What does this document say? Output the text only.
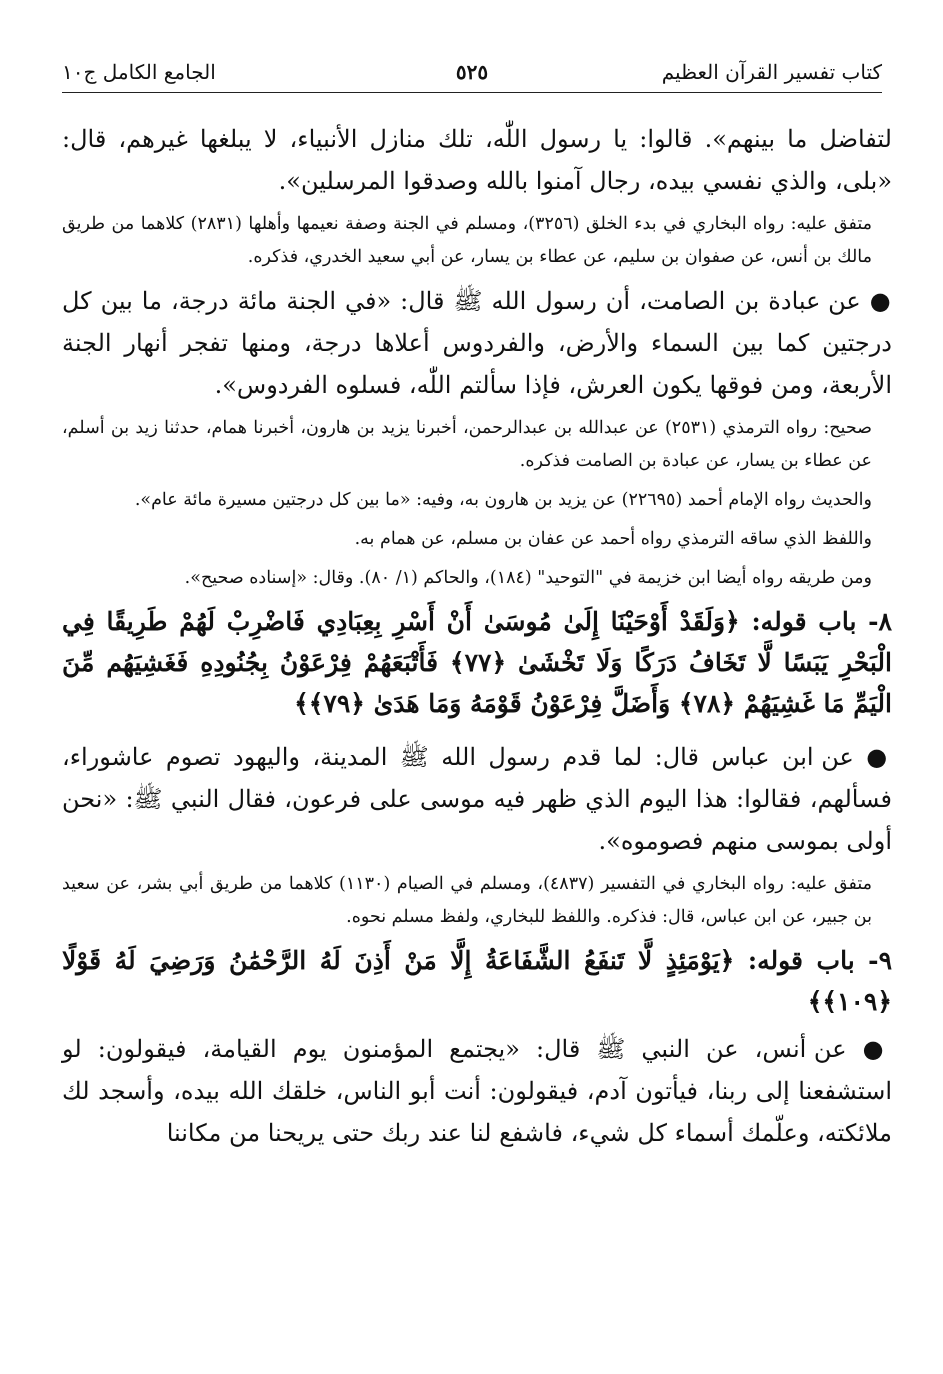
كتاب تفسير القرآن العظيم
٥٢٥
الجامع الكامل ج١٠

لتفاضل ما بينهم». قالوا: يا رسول اللّٰه، تلك منازل الأنبياء، لا يبلغها غيرهم، قال: «بلى، والذي نفسي بيده، رجال آمنوا بالله وصدقوا المرسلين».

متفق عليه: رواه البخاري في بدء الخلق (٣٢٥٦)، ومسلم في الجنة وصفة نعيمها وأهلها (٢٨٣١) كلاهما من طريق مالك بن أنس، عن صفوان بن سليم، عن عطاء بن يسار، عن أبي سعيد الخدري، فذكره.

● عن عبادة بن الصامت، أن رسول الله ﷺ قال: «في الجنة مائة درجة، ما بين كل درجتين كما بين السماء والأرض، والفردوس أعلاها درجة، ومنها تفجر أنهار الجنة الأربعة، ومن فوقها يكون العرش، فإذا سألتم اللّٰه، فسلوه الفردوس».

صحيح: رواه الترمذي (٢٥٣١) عن عبدالله بن عبدالرحمن، أخبرنا يزيد بن هارون، أخبرنا همام، حدثنا زيد بن أسلم، عن عطاء بن يسار، عن عبادة بن الصامت فذكره.

والحديث رواه الإمام أحمد (٢٢٦٩٥) عن يزيد بن هارون به، وفيه: «ما بين كل درجتين مسيرة مائة عام».

واللفظ الذي ساقه الترمذي رواه أحمد عن عفان بن مسلم، عن همام به.

ومن طريقه رواه أيضا ابن خزيمة في "التوحيد" (١٨٤)، والحاكم (١/ ٨٠). وقال: «إسناده صحيح».

٨- باب قوله: ﴿وَلَقَدْ أَوْحَيْنَا إِلَىٰ مُوسَىٰ أَنْ أَسْرِ بِعِبَادِي فَاضْرِبْ لَهُمْ طَرِيقًا فِي الْبَحْرِ يَبَسًا لَّا تَخَافُ دَرَكًا وَلَا تَخْشَىٰ ﴿٧٧﴾ فَأَتْبَعَهُمْ فِرْعَوْنُ بِجُنُودِهِ فَغَشِيَهُم مِّنَ الْيَمِّ مَا غَشِيَهُمْ ﴿٧٨﴾ وَأَضَلَّ فِرْعَوْنُ قَوْمَهُ وَمَا هَدَىٰ ﴿٧٩﴾﴾

● عن ابن عباس قال: لما قدم رسول الله ﷺ المدينة، واليهود تصوم عاشوراء، فسألهم، فقالوا: هذا اليوم الذي ظهر فيه موسى على فرعون، فقال النبي ﷺ: «نحن أولى بموسى منهم فصوموه».

متفق عليه: رواه البخاري في التفسير (٤٨٣٧)، ومسلم في الصيام (١١٣٠) كلاهما من طريق أبي بشر، عن سعيد بن جبير، عن ابن عباس، قال: فذكره. واللفظ للبخاري، ولفظ مسلم نحوه.

٩- باب قوله: ﴿يَوْمَئِذٍ لَّا تَنفَعُ الشَّفَاعَةُ إِلَّا مَنْ أَذِنَ لَهُ الرَّحْمَٰنُ وَرَضِيَ لَهُ قَوْلًا ﴿١٠٩﴾﴾

● عن أنس، عن النبي ﷺ قال: «يجتمع المؤمنون يوم القيامة، فيقولون: لو استشفعنا إلى ربنا، فيأتون آدم، فيقولون: أنت أبو الناس، خلقك الله بيده، وأسجد لك ملائكته، وعلّمك أسماء كل شيء، فاشفع لنا عند ربك حتى يريحنا من مكاننا
